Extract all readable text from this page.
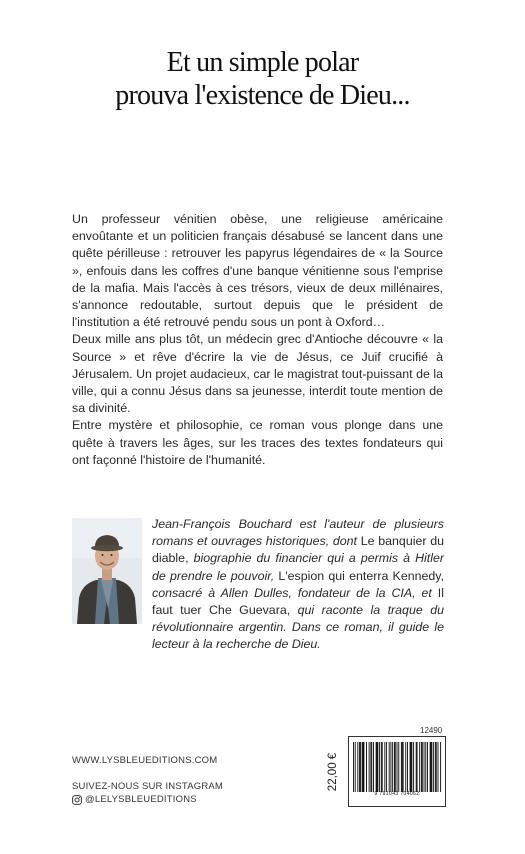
Et un simple polar
prouva l'existence de Dieu...

Un professeur vénitien obèse, une religieuse américaine envoûtante et un politicien français désabusé se lancent dans une quête périlleuse : retrouver les papyrus légendaires de « la Source », enfouis dans les coffres d'une banque vénitienne sous l'emprise de la mafia. Mais l'accès à ces trésors, vieux de deux millénaires, s'annonce redoutable, surtout depuis que le président de l'institution a été retrouvé pendu sous un pont à Oxford…

Deux mille ans plus tôt, un médecin grec d'Antioche découvre « la Source » et rêve d'écrire la vie de Jésus, ce Juif crucifié à Jérusalem. Un projet audacieux, car le magistrat tout-puissant de la ville, qui a connu Jésus dans sa jeunesse, interdit toute mention de sa divinité.

Entre mystère et philosophie, ce roman vous plonge dans une quête à travers les âges, sur les traces des textes fondateurs qui ont façonné l'histoire de l'humanité.

Jean-François Bouchard est l'auteur de plusieurs romans et ouvrages historiques, dont Le banquier du diable, biographie du financier qui a permis à Hitler de prendre le pouvoir, L'espion qui enterra Kennedy, consacré à Allen Dulles, fondateur de la CIA, et Il faut tuer Che Guevara, qui raconte la traque du révolutionnaire argentin. Dans ce roman, il guide le lecteur à la recherche de Dieu.
WWW.LYSBLEUEDITIONS.COM
SUIVEZ-NOUS SUR INSTAGRAM
@LELYSBLEUEDITIONS
22,00 €
12490
9 791043 704062
